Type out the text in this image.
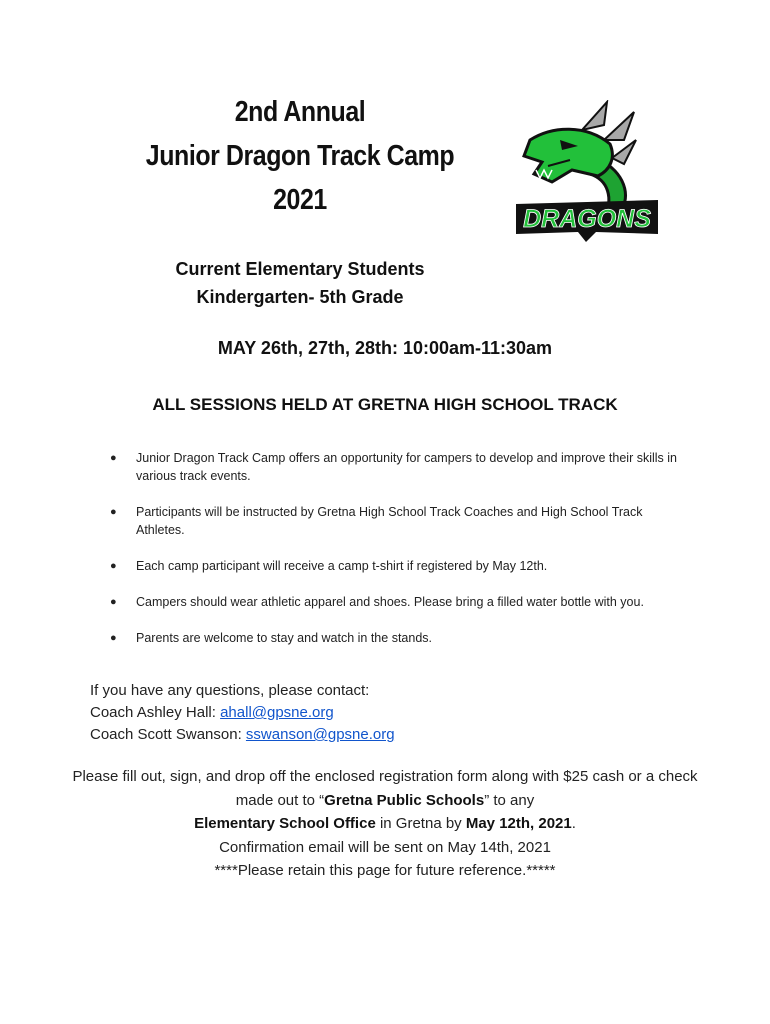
2nd Annual
Junior Dragon Track Camp
2021
DRAGONS
Current Elementary Students
Kindergarten- 5th Grade
MAY 26th, 27th, 28th: 10:00am-11:30am
ALL SESSIONS HELD AT GRETNA HIGH SCHOOL TRACK
● Junior Dragon Track Camp offers an opportunity for campers to develop and improve their skills in various track events.
● Participants will be instructed by Gretna High School Track Coaches and High School Track Athletes.
● Each camp participant will receive a camp t-shirt if registered by May 12th.
● Campers should wear athletic apparel and shoes. Please bring a filled water bottle with you.
● Parents are welcome to stay and watch in the stands.
If you have any questions, please contact:
Coach Ashley Hall: ahall@gpsne.org
Coach Scott Swanson: sswanson@gpsne.org
Please fill out, sign, and drop off the enclosed registration form along with $25 cash or a check made out to “Gretna Public Schools” to any
Elementary School Office in Gretna by May 12th, 2021.
Confirmation email will be sent on May 14th, 2021
****Please retain this page for future reference.*****
